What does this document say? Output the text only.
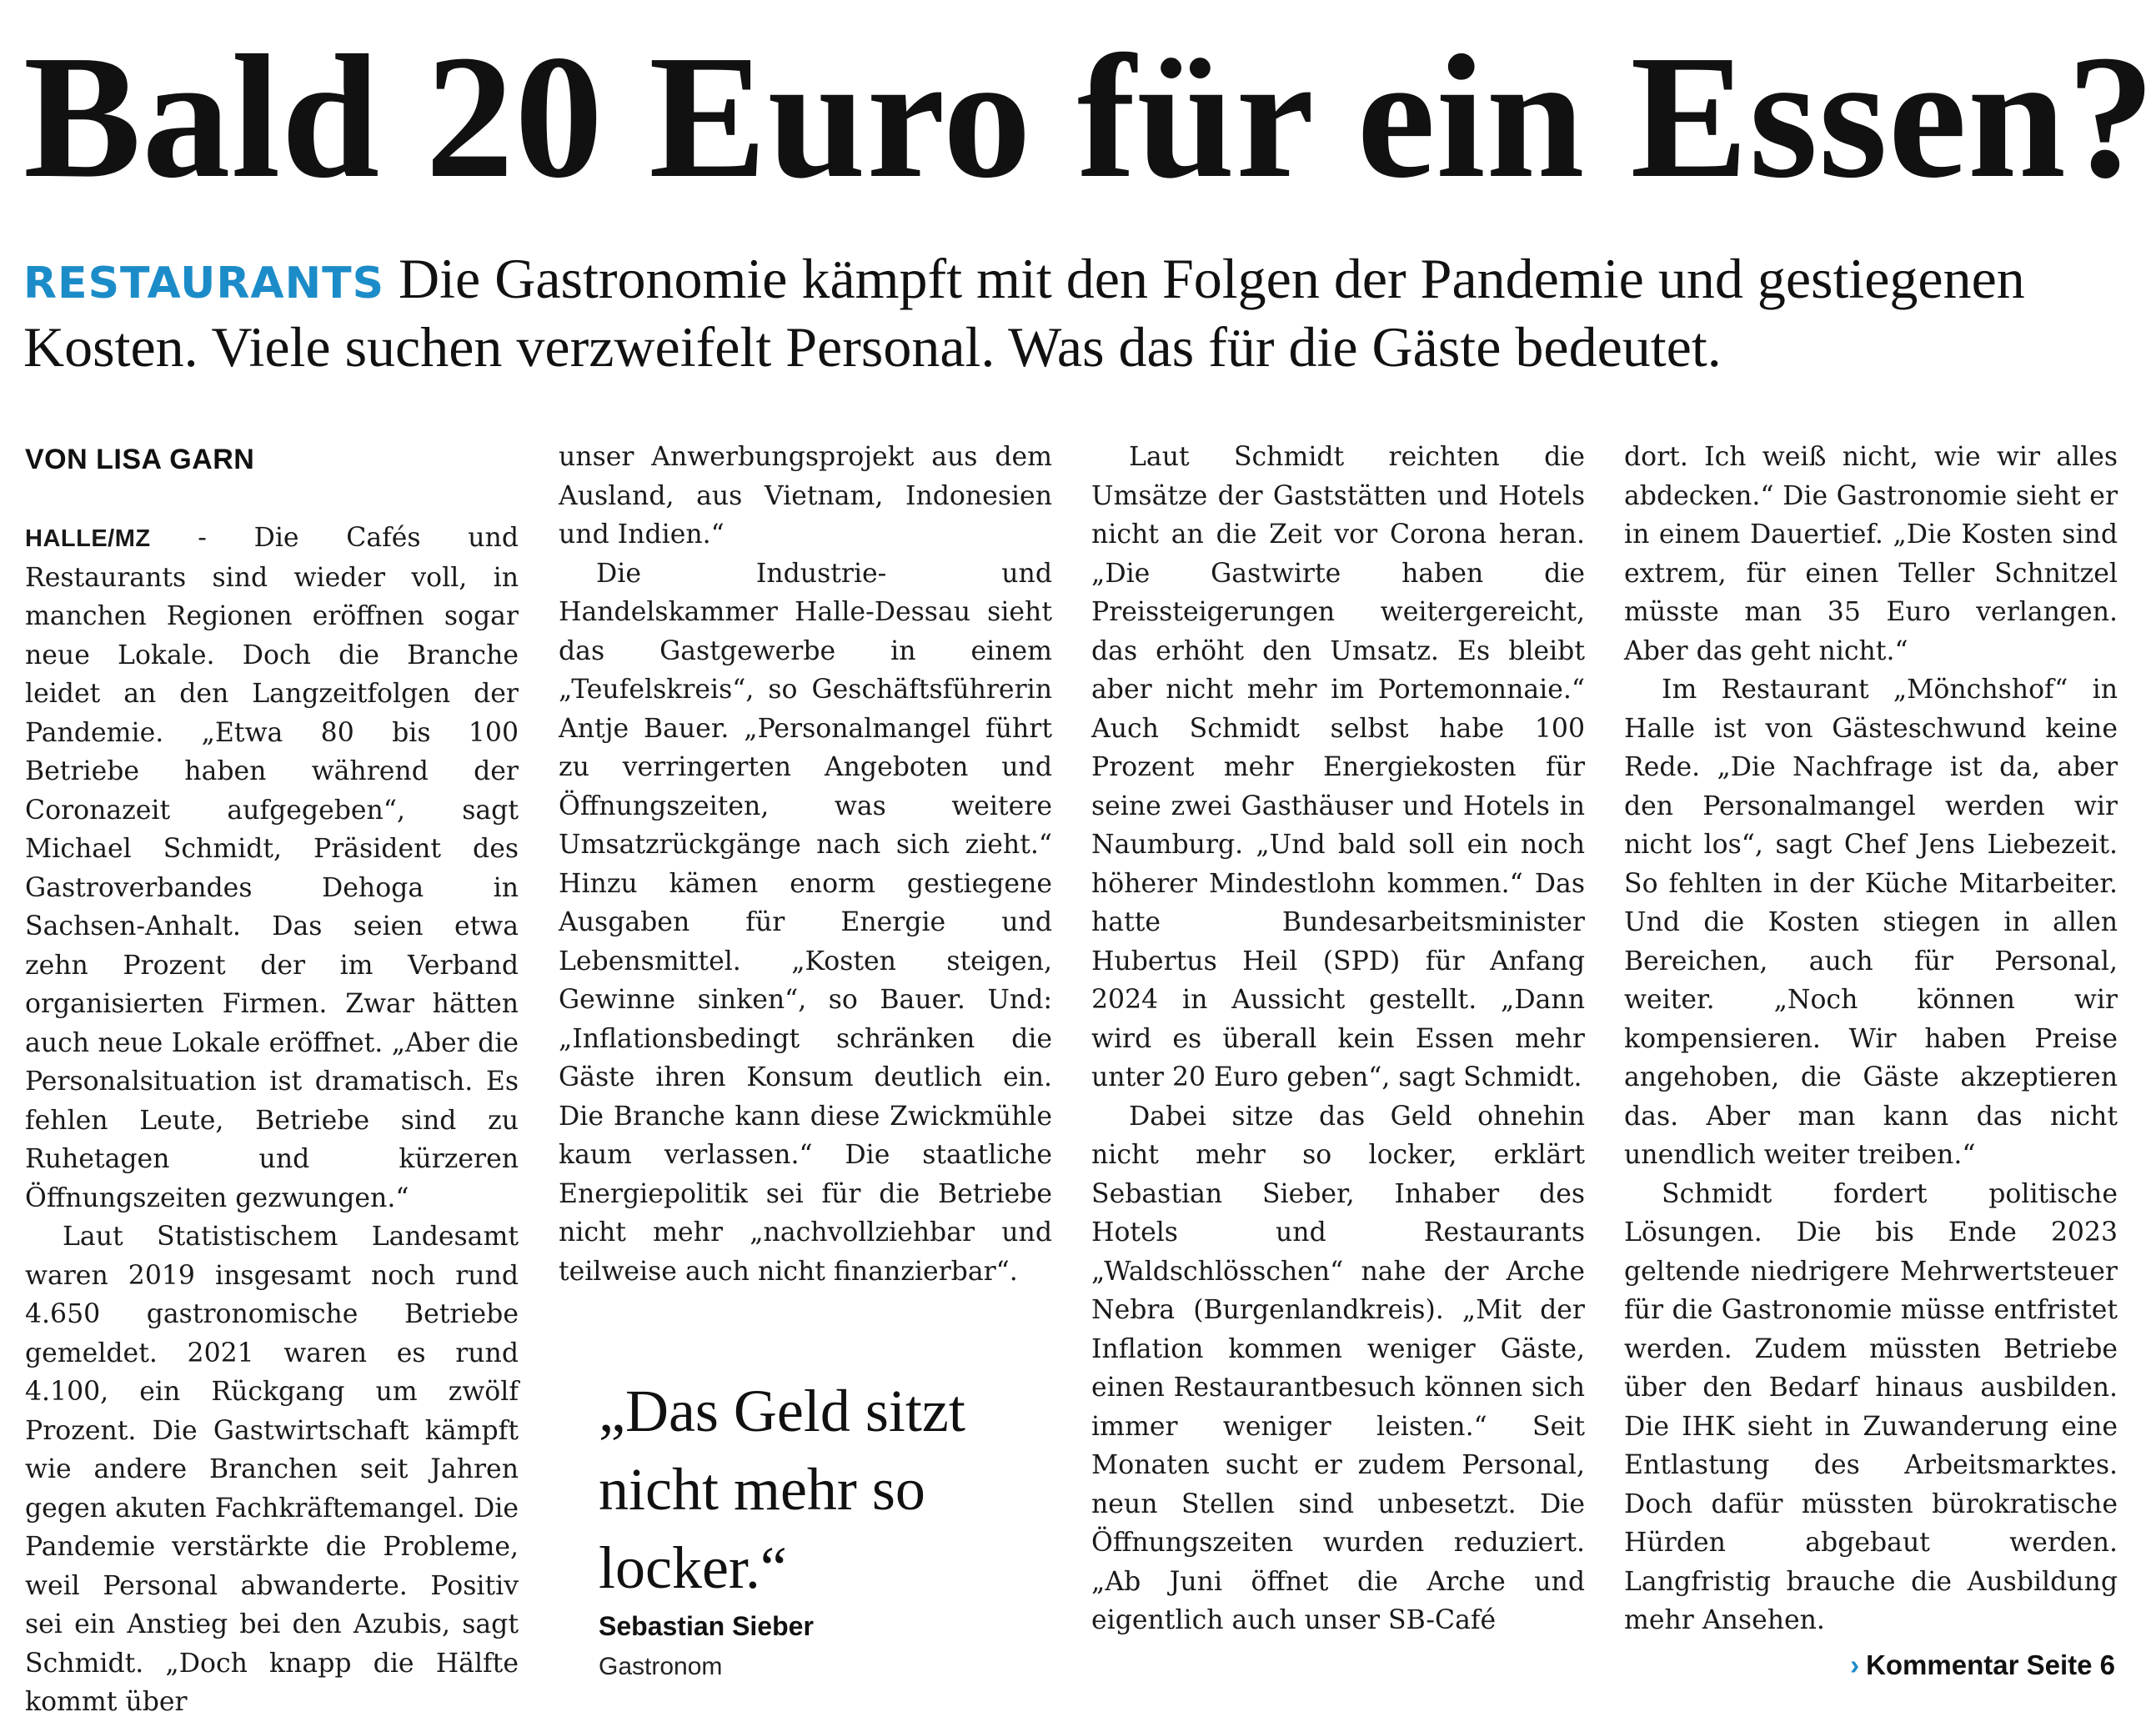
Bald 20 Euro für ein Essen?
RESTAURANTS Die Gastronomie kämpft mit den Folgen der Pandemie und gestiegenen Kosten. Viele suchen verzweifelt Personal. Was das für die Gäste bedeutet.
VON LISA GARN

HALLE/MZ - Die Cafés und Restaurants sind wieder voll, in manchen Regionen eröffnen sogar neue Lokale. Doch die Branche leidet an den Langzeitfolgen der Pandemie. „Etwa 80 bis 100 Betriebe haben während der Coronazeit aufgegeben“, sagt Michael Schmidt, Präsident des Gastroverbandes Dehoga in Sachsen-Anhalt. Das seien etwa zehn Prozent der im Verband organisierten Firmen. Zwar hätten auch neue Lokale eröffnet. „Aber die Personalsituation ist dramatisch. Es fehlen Leute, Betriebe sind zu Ruhetagen und kürzeren Öffnungszeiten gezwungen.“

Laut Statistischem Landesamt waren 2019 insgesamt noch rund 4.650 gastronomische Betriebe gemeldet. 2021 waren es rund 4.100, ein Rückgang um zwölf Prozent. Die Gastwirtschaft kämpft wie andere Branchen seit Jahren gegen akuten Fachkräftemangel. Die Pandemie verstärkte die Probleme, weil Personal abwanderte. Positiv sei ein Anstieg bei den Azubis, sagt Schmidt. „Doch knapp die Hälfte kommt über

unser Anwerbungsprojekt aus dem Ausland, aus Vietnam, Indonesien und Indien.“

Die Industrie- und Handelskammer Halle-Dessau sieht das Gastgewerbe in einem „Teufelskreis“, so Geschäftsführerin Antje Bauer. „Personalmangel führt zu verringerten Angeboten und Öffnungszeiten, was weitere Umsatzrückgänge nach sich zieht.“ Hinzu kämen enorm gestiegene Ausgaben für Energie und Lebensmittel. „Kosten steigen, Gewinne sinken“, so Bauer. Und: „Inflationsbedingt schränken die Gäste ihren Konsum deutlich ein. Die Branche kann diese Zwickmühle kaum verlassen.“ Die staatliche Energiepolitik sei für die Betriebe nicht mehr „nachvollziehbar und teilweise auch nicht finanzierbar“.

„Das Geld sitzt nicht mehr so locker.“
Sebastian Sieber
Gastronom

Laut Schmidt reichten die Umsätze der Gaststätten und Hotels nicht an die Zeit vor Corona heran. „Die Gastwirte haben die Preissteigerungen weitergereicht, das erhöht den Umsatz. Es bleibt aber nicht mehr im Portemonnaie.“ Auch Schmidt selbst habe 100 Prozent mehr Energiekosten für seine zwei Gasthäuser und Hotels in Naumburg. „Und bald soll ein noch höherer Mindestlohn kommen.“ Das hatte Bundesarbeitsminister Hubertus Heil (SPD) für Anfang 2024 in Aussicht gestellt. „Dann wird es überall kein Essen mehr unter 20 Euro geben“, sagt Schmidt.

Dabei sitze das Geld ohnehin nicht mehr so locker, erklärt Sebastian Sieber, Inhaber des Hotels und Restaurants „Waldschlösschen“ nahe der Arche Nebra (Burgenlandkreis). „Mit der Inflation kommen weniger Gäste, einen Restaurantbesuch können sich immer weniger leisten.“ Seit Monaten sucht er zudem Personal, neun Stellen sind unbesetzt. Die Öffnungszeiten wurden reduziert. „Ab Juni öffnet die Arche und eigentlich auch unser SB-Café

dort. Ich weiß nicht, wie wir alles abdecken.“ Die Gastronomie sieht er in einem Dauertief. „Die Kosten sind extrem, für einen Teller Schnitzel müsste man 35 Euro verlangen. Aber das geht nicht.“

Im Restaurant „Mönchshof“ in Halle ist von Gästeschwund keine Rede. „Die Nachfrage ist da, aber den Personalmangel werden wir nicht los“, sagt Chef Jens Liebezeit. So fehlten in der Küche Mitarbeiter. Und die Kosten stiegen in allen Bereichen, auch für Personal, weiter. „Noch können wir kompensieren. Wir haben Preise angehoben, die Gäste akzeptieren das. Aber man kann das nicht unendlich weiter treiben.“

Schmidt fordert politische Lösungen. Die bis Ende 2023 geltende niedrigere Mehrwertsteuer für die Gastronomie müsse entfristet werden. Zudem müssten Betriebe über den Bedarf hinaus ausbilden. Die IHK sieht in Zuwanderung eine Entlastung des Arbeitsmarktes. Doch dafür müssten bürokratische Hürden abgebaut werden. Langfristig brauche die Ausbildung mehr Ansehen.

› Kommentar Seite 6
